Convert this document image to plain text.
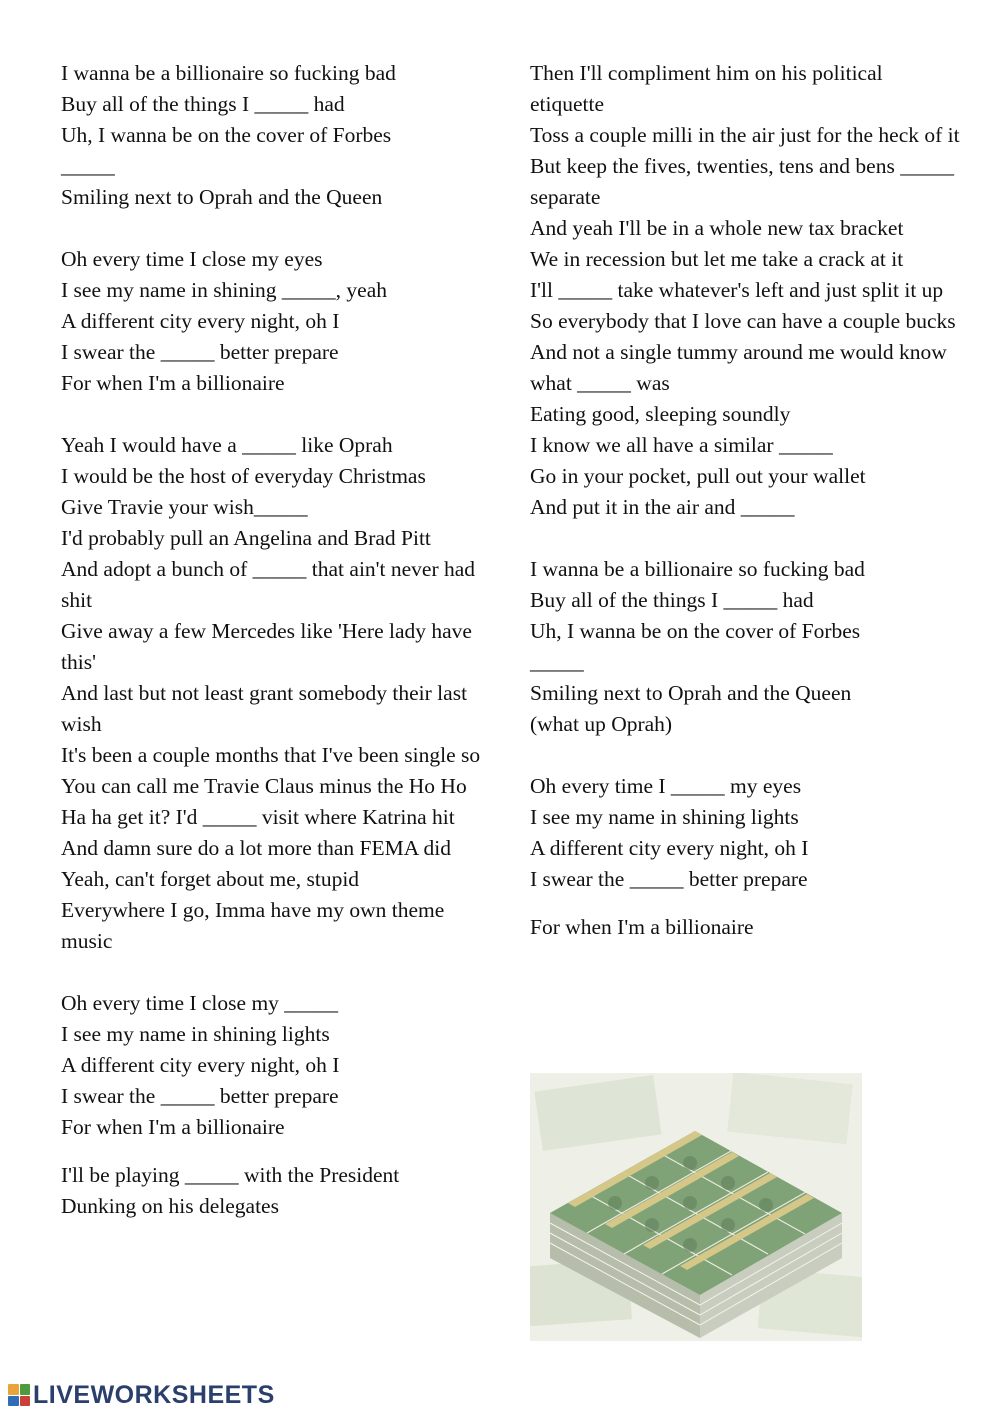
I wanna be a billionaire so fucking bad
Buy all of the things I _____ had
Uh, I wanna be on the cover of Forbes
_____
Smiling next to Oprah and the Queen
Oh every time I close my eyes
I see my name in shining _____, yeah
A different city every night, oh I
I swear the _____ better prepare
For when I'm a billionaire
Yeah I would have a _____ like Oprah
I would be the host of everyday Christmas
Give Travie your wish_____
I'd probably pull an Angelina and Brad Pitt
And adopt a bunch of _____ that ain't never had shit
Give away a few Mercedes like 'Here lady have this'
And last but not least grant somebody their last wish
It's been a couple months that I've been single so
You can call me Travie Claus minus the Ho Ho
Ha ha get it? I'd _____ visit where Katrina hit
And damn sure do a lot more than FEMA did
Yeah, can't forget about me, stupid
Everywhere I go, Imma have my own theme music
Oh every time I close my _____
I see my name in shining lights
A different city every night, oh I
I swear the _____ better prepare
For when I'm a billionaire
I'll be playing _____ with the President
Dunking on his delegates
Then I'll compliment him on his political etiquette
Toss a couple milli in the air just for the heck of it
But keep the fives, twenties, tens and bens _____ separate
And yeah I'll be in a whole new tax bracket
We in recession but let me take a crack at it
I'll _____ take whatever's left and just split it up
So everybody that I love can have a couple bucks
And not a single tummy around me would know what _____ was
Eating good, sleeping soundly
I know we all have a similar _____
Go in your pocket, pull out your wallet
And put it in the air and _____
I wanna be a billionaire so fucking bad
Buy all of the things I _____ had
Uh, I wanna be on the cover of Forbes
_____
Smiling next to Oprah and the Queen
(what up Oprah)
Oh every time I _____ my eyes
I see my name in shining lights
A different city every night, oh I
I swear the _____ better prepare
For when I'm a billionaire
LIVEWORKSHEETS
